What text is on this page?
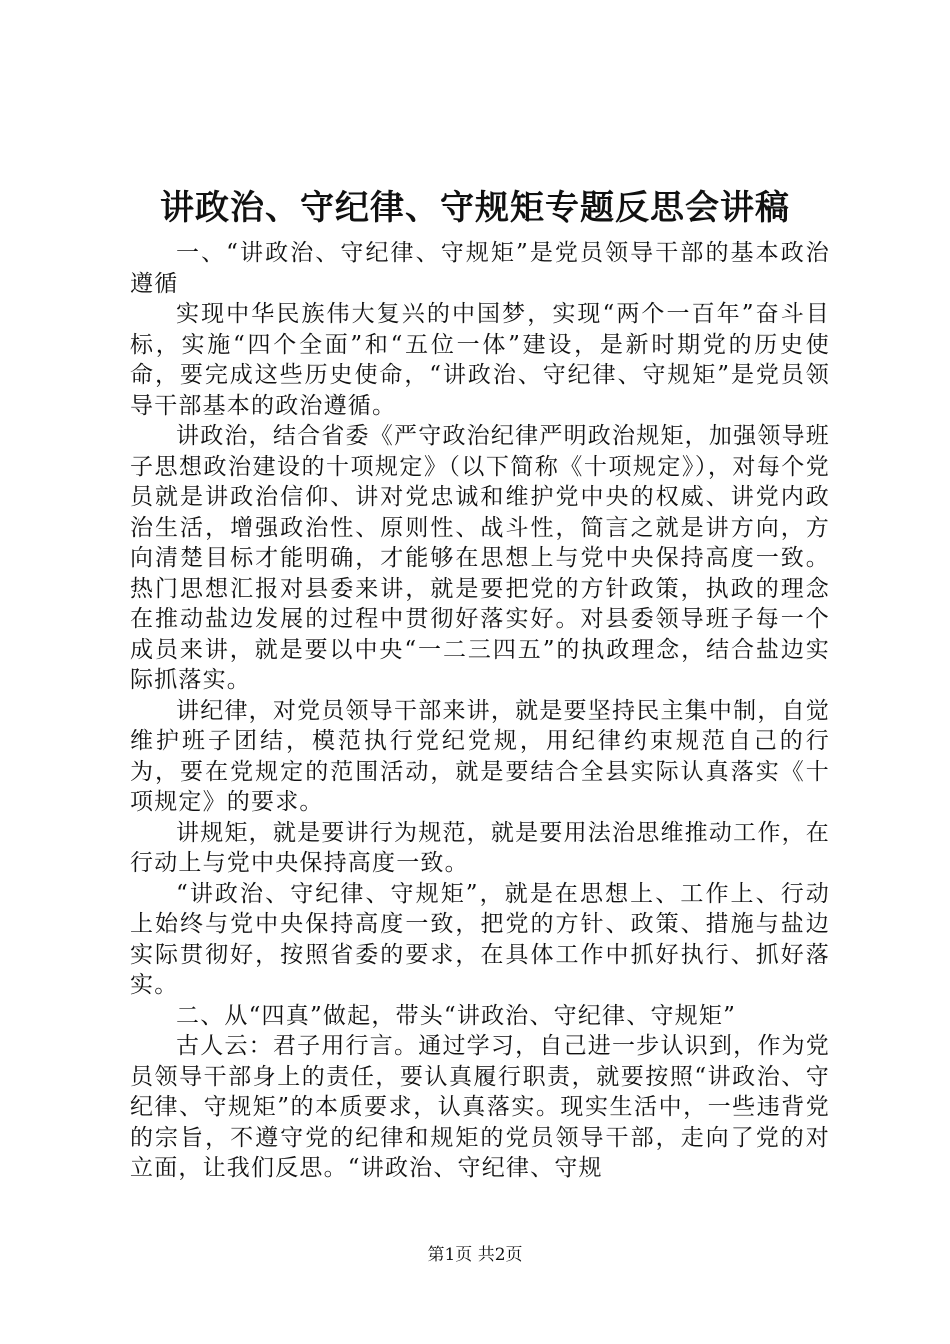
讲政治、守纪律、守规矩专题反思会讲稿

一、“讲政治、守纪律、守规矩”是党员领导干部的基本政治遵循

实现中华民族伟大复兴的中国梦，实现“两个一百年”奋斗目标，实施“四个全面”和“五位一体”建设，是新时期党的历史使命，要完成这些历史使命，“讲政治、守纪律、守规矩”是党员领导干部基本的政治遵循。

讲政治，结合省委《严守政治纪律严明政治规矩，加强领导班子思想政治建设的十项规定》（以下简称《十项规定》），对每个党员就是讲政治信仰、讲对党忠诚和维护党中央的权威、讲党内政治生活，增强政治性、原则性、战斗性，简言之就是讲方向，方向清楚目标才能明确，才能够在思想上与党中央保持高度一致。热门思想汇报对县委来讲，就是要把党的方针政策，执政的理念在推动盐边发展的过程中贯彻好落实好。对县委领导班子每一个成员来讲，就是要以中央“一二三四五”的执政理念，结合盐边实际抓落实。

讲纪律，对党员领导干部来讲，就是要坚持民主集中制，自觉维护班子团结，模范执行党纪党规，用纪律约束规范自己的行为，要在党规定的范围活动，就是要结合全县实际认真落实《十项规定》的要求。

讲规矩，就是要讲行为规范，就是要用法治思维推动工作，在行动上与党中央保持高度一致。

“讲政治、守纪律、守规矩”，就是在思想上、工作上、行动上始终与党中央保持高度一致，把党的方针、政策、措施与盐边实际贯彻好，按照省委的要求，在具体工作中抓好执行、抓好落实。

二、从“四真”做起，带头“讲政治、守纪律、守规矩”

古人云：君子用行言。通过学习，自己进一步认识到，作为党员领导干部身上的责任，要认真履行职责，就要按照“讲政治、守纪律、守规矩”的本质要求，认真落实。现实生活中，一些违背党的宗旨，不遵守党的纪律和规矩的党员领导干部，走向了党的对立面，让我们反思。“讲政治、守纪律、守规

第1页 共2页
